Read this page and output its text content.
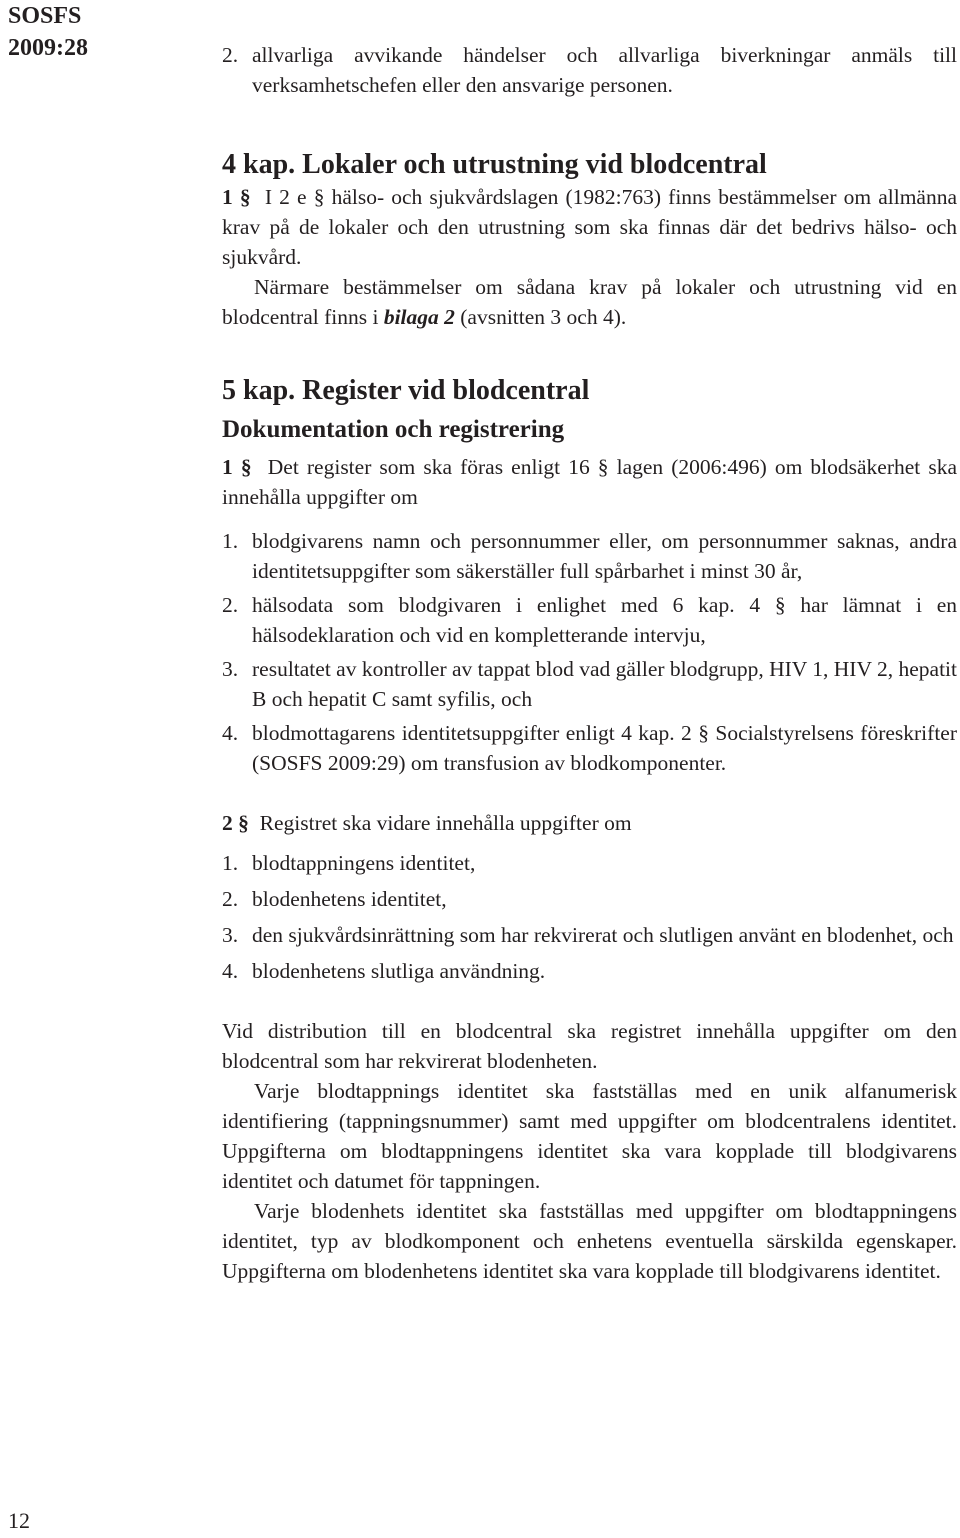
SOSFS
2009:28	2. allvarliga avvikande händelser och allvarliga biverkningar anmäls till verksamhetschefen eller den ansvarige personen.
4 kap. Lokaler och utrustning vid blodcentral

1 § I 2 e § hälso- och sjukvårdslagen (1982:763) finns bestämmelser om allmänna krav på de lokaler och den utrustning som ska finnas där det bedrivs hälso- och sjukvård.

Närmare bestämmelser om sådana krav på lokaler och utrustning vid en blodcentral finns i bilaga 2 (avsnitten 3 och 4).

5 kap. Register vid blodcentral
Dokumentation och registrering

1 § Det register som ska föras enligt 16 § lagen (2006:496) om blodsäkerhet ska innehålla uppgifter om

1. blodgivarens namn och personnummer eller, om personnummer saknas, andra identitetsuppgifter som säkerställer full spårbarhet i minst 30 år,
2. hälsodata som blodgivaren i enlighet med 6 kap. 4 § har lämnat i en hälsodeklaration och vid en kompletterande intervju,
3. resultatet av kontroller av tappat blod vad gäller blodgrupp, HIV 1, HIV 2, hepatit B och hepatit C samt syfilis, och
4. blodmottagarens identitetsuppgifter enligt 4 kap. 2 § Socialstyrelsens föreskrifter (SOSFS 2009:29) om transfusion av blodkomponenter.

2 § Registret ska vidare innehålla uppgifter om

1. blodtappningens identitet,
2. blodenhetens identitet,
3. den sjukvårdsinrättning som har rekvirerat och slutligen använt en blodenhet, och
4. blodenhetens slutliga användning.

Vid distribution till en blodcentral ska registret innehålla uppgifter om den blodcentral som har rekvirerat blodenheten.

Varje blodtappnings identitet ska fastställas med en unik alfanumerisk identifiering (tappningsnummer) samt med uppgifter om blodcentralens identitet. Uppgifterna om blodtappningens identitet ska vara kopplade till blodgivarens identitet och datumet för tappningen.

Varje blodenhets identitet ska fastställas med uppgifter om blodtappningens identitet, typ av blodkomponent och enhetens eventuella särskilda egenskaper. Uppgifterna om blodenhetens identitet ska vara kopplade till blodgivarens identitet.

12
